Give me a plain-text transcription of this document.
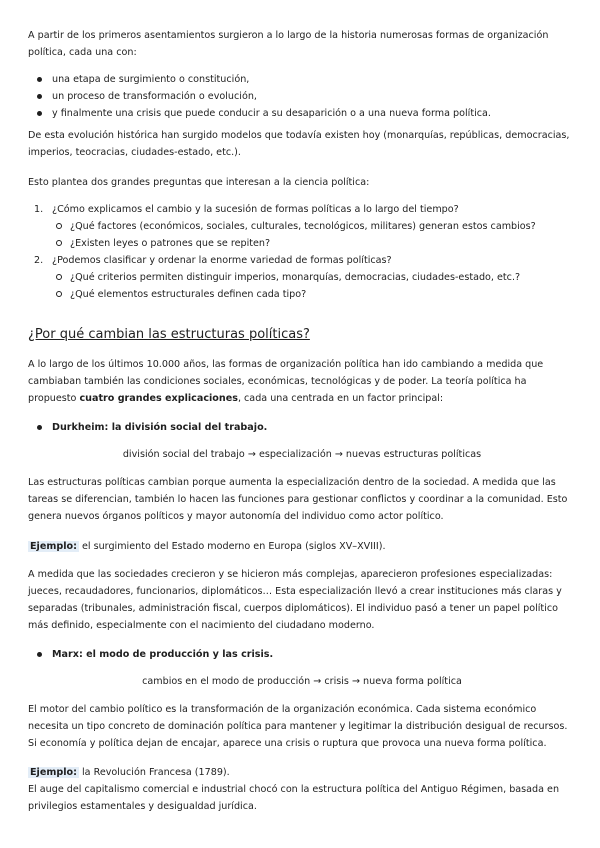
A partir de los primeros asentamientos surgieron a lo largo de la historia numerosas formas de organización política, cada una con:

una etapa de surgimiento o constitución,
un proceso de transformación o evolución,
y finalmente una crisis que puede conducir a su desaparición o a una nueva forma política.

De esta evolución histórica han surgido modelos que todavía existen hoy (monarquías, repúblicas, democracias, imperios, teocracias, ciudades-estado, etc.).

Esto plantea dos grandes preguntas que interesan a la ciencia política:

1. ¿Cómo explicamos el cambio y la sucesión de formas políticas a lo largo del tiempo?
¿Qué factores (económicos, sociales, culturales, tecnológicos, militares) generan estos cambios?
¿Existen leyes o patrones que se repiten?
2. ¿Podemos clasificar y ordenar la enorme variedad de formas políticas?
¿Qué criterios permiten distinguir imperios, monarquías, democracias, ciudades-estado, etc.?
¿Qué elementos estructurales definen cada tipo?
¿Por qué cambian las estructuras políticas?

A lo largo de los últimos 10.000 años, las formas de organización política han ido cambiando a medida que cambiaban también las condiciones sociales, económicas, tecnológicas y de poder. La teoría política ha propuesto cuatro grandes explicaciones, cada una centrada en un factor principal:

Durkheim: la división social del trabajo.

división social del trabajo → especialización → nuevas estructuras políticas

Las estructuras políticas cambian porque aumenta la especialización dentro de la sociedad. A medida que las tareas se diferencian, también lo hacen las funciones para gestionar conflictos y coordinar a la comunidad. Esto genera nuevos órganos políticos y mayor autonomía del individuo como actor político.

Ejemplo: el surgimiento del Estado moderno en Europa (siglos XV–XVIII).

A medida que las sociedades crecieron y se hicieron más complejas, aparecieron profesiones especializadas: jueces, recaudadores, funcionarios, diplomáticos… Esta especialización llevó a crear instituciones más claras y separadas (tribunales, administración fiscal, cuerpos diplomáticos). El individuo pasó a tener un papel político más definido, especialmente con el nacimiento del ciudadano moderno.

Marx: el modo de producción y las crisis.

cambios en el modo de producción → crisis → nueva forma política

El motor del cambio político es la transformación de la organización económica. Cada sistema económico necesita un tipo concreto de dominación política para mantener y legitimar la distribución desigual de recursos. Si economía y política dejan de encajar, aparece una crisis o ruptura que provoca una nueva forma política.

Ejemplo: la Revolución Francesa (1789).

El auge del capitalismo comercial e industrial chocó con la estructura política del Antiguo Régimen, basada en privilegios estamentales y desigualdad jurídica.
